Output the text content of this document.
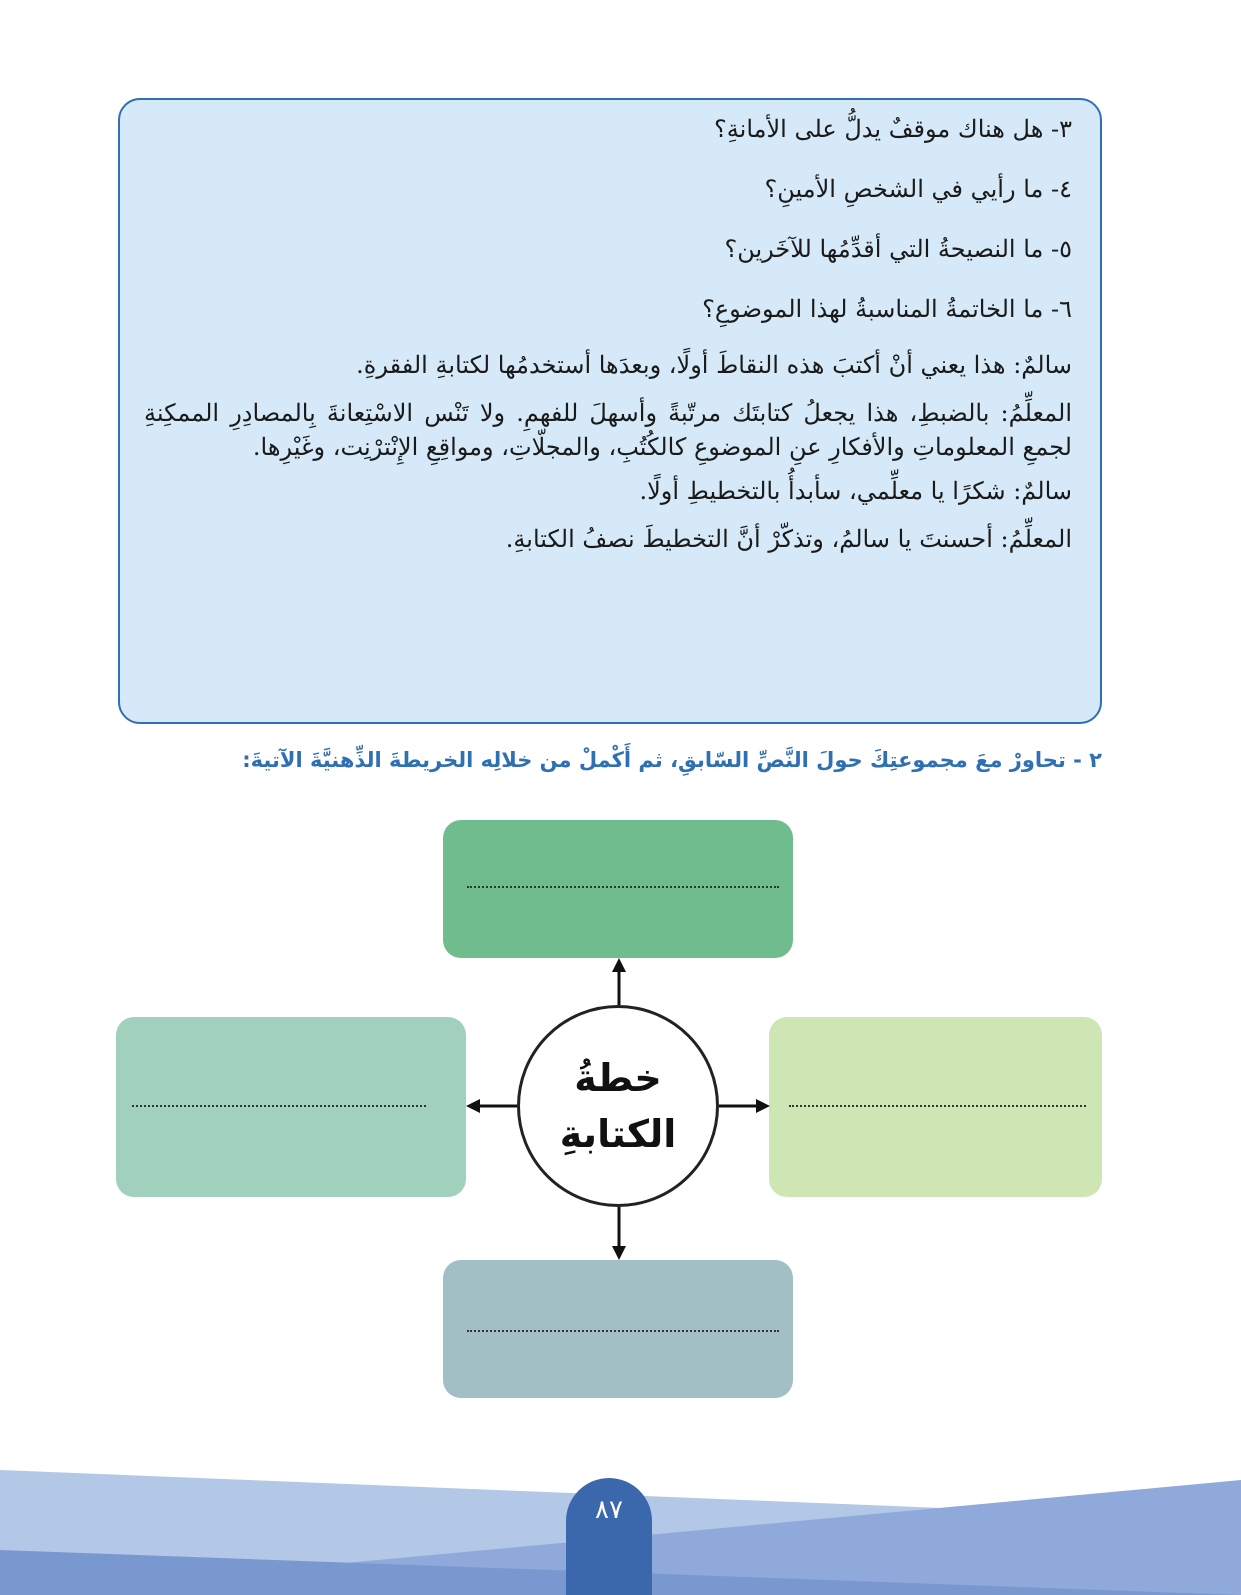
٣- هل هناك موقفٌ يدلُّ على الأمانةِ؟
٤- ما رأيي في الشخصِ الأمينِ؟
٥- ما النصيحةُ التي أقدِّمُها للآخَرين؟
٦- ما الخاتمةُ المناسبةُ لهذا الموضوعِ؟
سالمٌ: هذا يعني أنْ أكتبَ هذه النقاطَ أولًا، وبعدَها أستخدمُها لكتابةِ الفقرةِ.
المعلِّمُ: بالضبطِ، هذا يجعلُ كتابتَك مرتّبةً وأسهلَ للفهمِ. ولا تَنْس الاسْتِعانةَ بِالمصادِرِ الممكِنةِ لجمعِ المعلوماتِ والأفكارِ عنِ الموضوعِ كالكُتُبِ، والمجلّاتِ، ومواقِعِ الإِنْترْنِت، وغَيْرِها.
سالمٌ: شكرًا يا معلِّمي، سأبدأُ بالتخطيطِ أولًا.
المعلِّمُ: أحسنتَ يا سالمُ، وتذكّرْ أنَّ التخطيطَ نصفُ الكتابةِ.
٢ - تحاورْ معَ مجموعتِكَ حولَ النَّصِّ السّابقِ، ثم أَكْملْ من خلالِه الخريطةَ الذِّهنيَّةَ الآتيةَ:
خطةُ
الكتابةِ
٨٧
